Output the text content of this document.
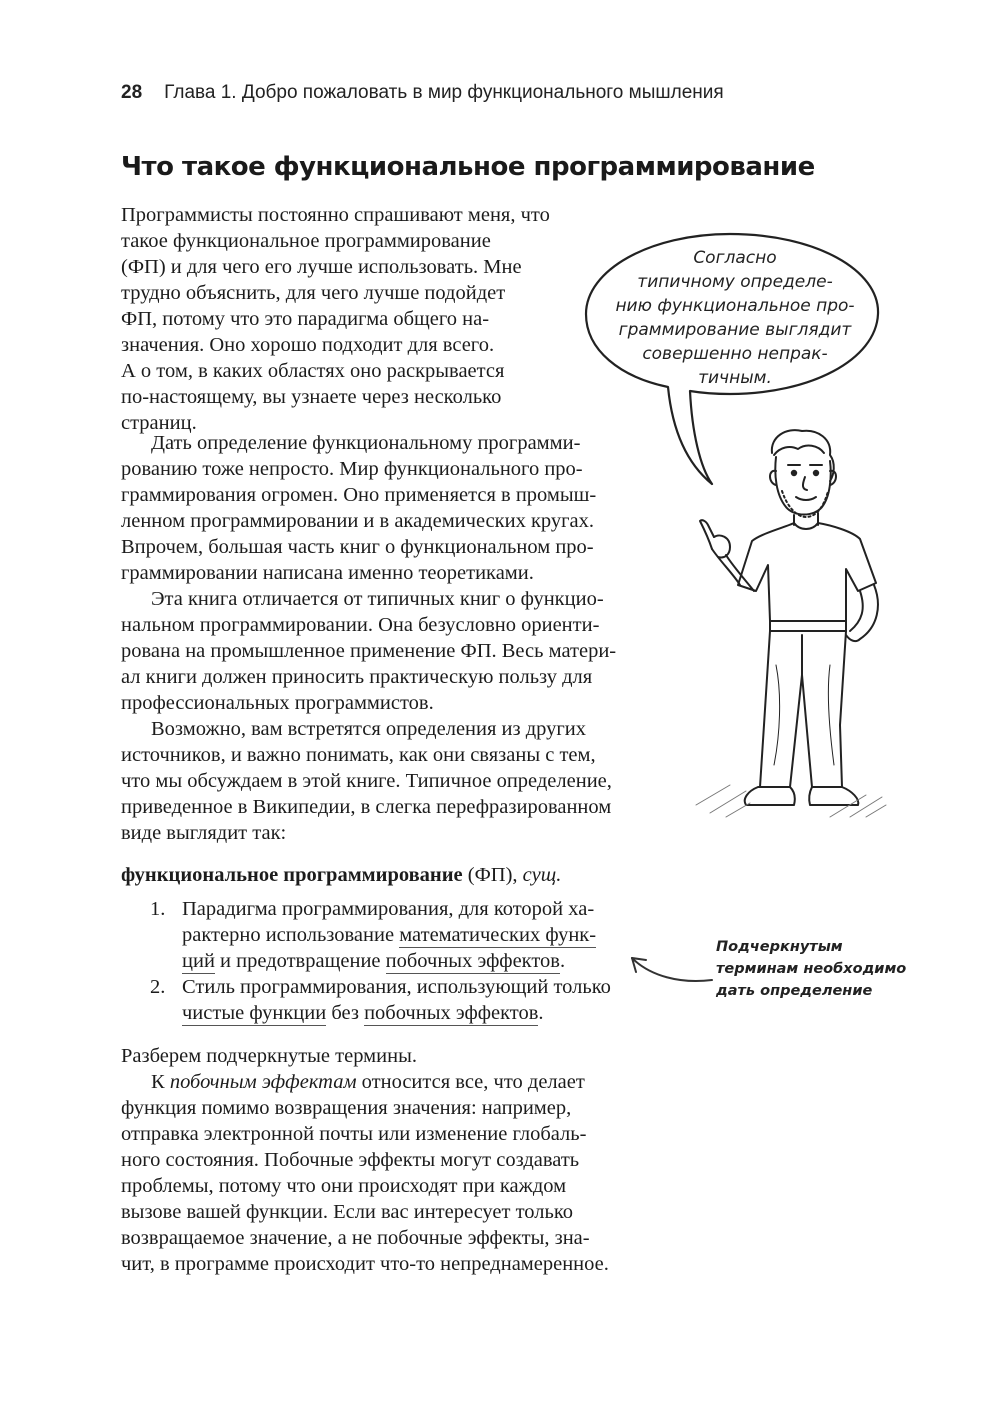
28 Глава 1. Добро пожаловать в мир функционального мышления
Что такое функциональное программирование
Программисты постоянно спрашивают меня, что
такое функциональное программирование
(ФП) и для чего его лучше использовать. Мне
трудно объяснить, для чего лучше подойдет
ФП, потому что это парадигма общего на-
значения. Оно хорошо подходит для всего.
А о том, в каких областях оно раскрывается
по-настоящему, вы узнаете через несколько
страниц.
Дать определение функциональному программи-
рованию тоже непросто. Мир функционального про-
граммирования огромен. Оно применяется в промыш-
ленном программировании и в академических кругах.
Впрочем, большая часть книг о функциональном про-
граммировании написана именно теоретиками.
Эта книга отличается от типичных книг о функцио-
нальном программировании. Она безусловно ориенти-
рована на промышленное применение ФП. Весь матери-
ал книги должен приносить практическую пользу для
профессиональных программистов.
Возможно, вам встретятся определения из других
источников, и важно понимать, как они связаны с тем,
что мы обсуждаем в этой книге. Типичное определение,
приведенное в Википедии, в слегка перефразированном
виде выглядит так:
функциональное программирование (ФП), сущ.
1. Парадигма программирования, для которой ха-
рактерно использование математических функ-
ций и предотвращение побочных эффектов.
2. Стиль программирования, использующий только
чистые функции без побочных эффектов.
Разберем подчеркнутые термины.
К побочным эффектам относится все, что делает
функция помимо возвращения значения: например,
отправка электронной почты или изменение глобаль-
ного состояния. Побочные эффекты могут создавать
проблемы, потому что они происходят при каждом
вызове вашей функции. Если вас интересует только
возвращаемое значение, а не побочные эффекты, зна-
чит, в программе происходит что-то непреднамеренное.
Согласно
типичному определе-
нию функциональное про-
граммирование выглядит
совершенно непрак-
тичным.
Подчеркнутым
терминам необходимо
дать определение
